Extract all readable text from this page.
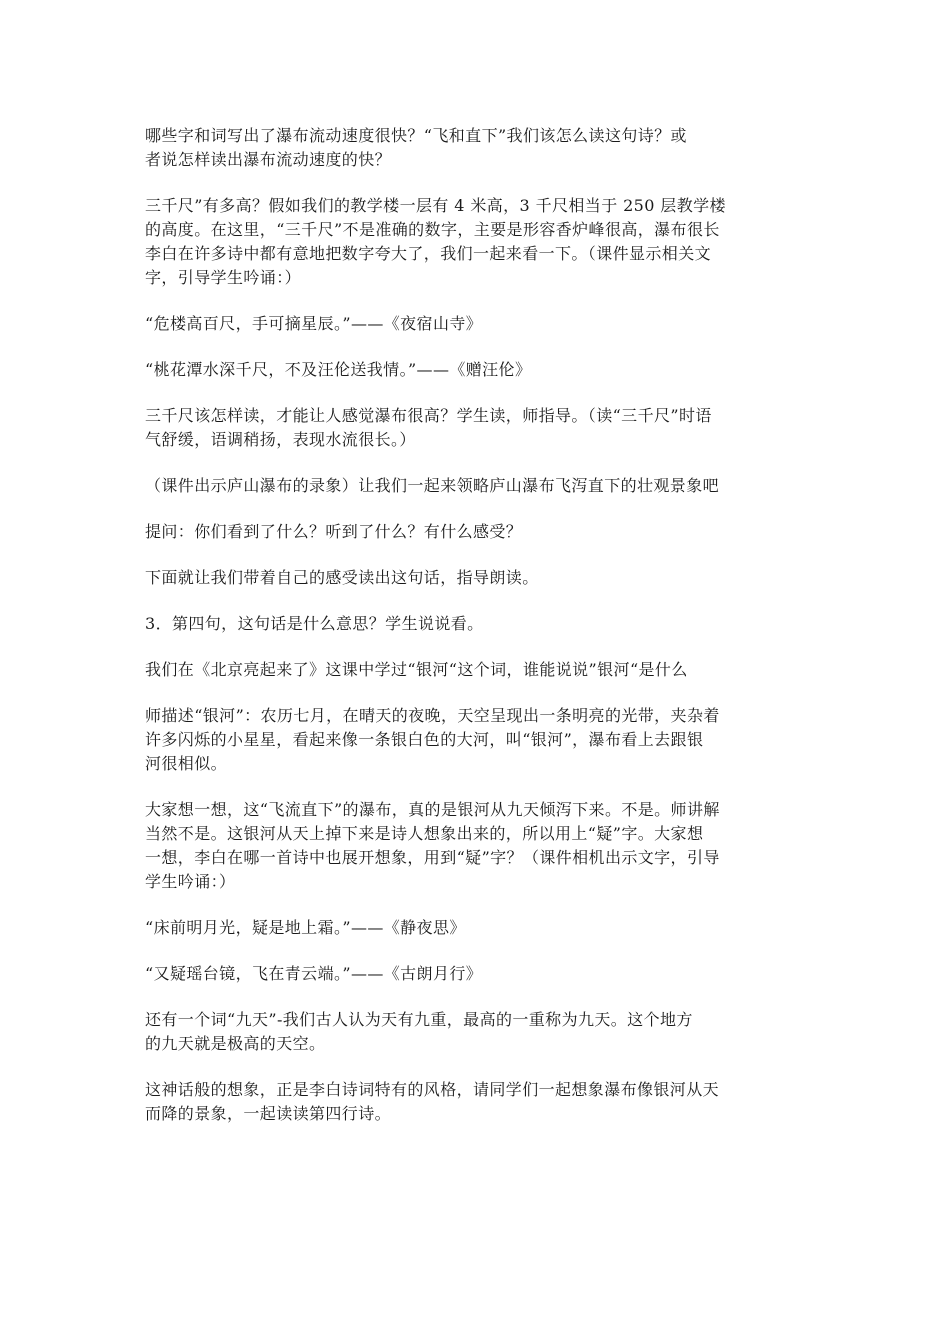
哪些字和词写出了瀑布流动速度很快？“飞和直下”我们该怎么读这句诗？或
者说怎样读出瀑布流动速度的快？

三千尺”有多高？假如我们的教学楼一层有 4 米高，3 千尺相当于 250 层教学楼
的高度。在这里，“三千尺”不是准确的数字，主要是形容香炉峰很高，瀑布很长
李白在许多诗中都有意地把数字夸大了，我们一起来看一下。（课件显示相关文
字，引导学生吟诵：）

“危楼高百尺，手可摘星辰。”——《夜宿山寺》

“桃花潭水深千尺，不及汪伦送我情。”——《赠汪伦》

三千尺该怎样读，才能让人感觉瀑布很高？学生读，师指导。（读“三千尺”时语
气舒缓，语调稍扬，表现水流很长。）

（课件出示庐山瀑布的录象）让我们一起来领略庐山瀑布飞泻直下的壮观景象吧

提问：你们看到了什么？听到了什么？有什么感受？

下面就让我们带着自己的感受读出这句话，指导朗读。

3．第四句，这句话是什么意思？学生说说看。

我们在《北京亮起来了》这课中学过“银河“这个词，谁能说说”银河“是什么

师描述“银河”：农历七月，在晴天的夜晚，天空呈现出一条明亮的光带，夹杂着
许多闪烁的小星星，看起来像一条银白色的大河，叫“银河”，瀑布看上去跟银
河很相似。

大家想一想，这“飞流直下”的瀑布，真的是银河从九天倾泻下来。不是。师讲解
当然不是。这银河从天上掉下来是诗人想象出来的，所以用上“疑”字。大家想
一想，李白在哪一首诗中也展开想象，用到“疑”字？（课件相机出示文字，引导
学生吟诵：）

“床前明月光，疑是地上霜。”——《静夜思》

“又疑瑶台镜，飞在青云端。”——《古朗月行》

还有一个词“九天”-我们古人认为天有九重，最高的一重称为九天。这个地方
的九天就是极高的天空。

这神话般的想象，正是李白诗词特有的风格，请同学们一起想象瀑布像银河从天
而降的景象，一起读读第四行诗。
